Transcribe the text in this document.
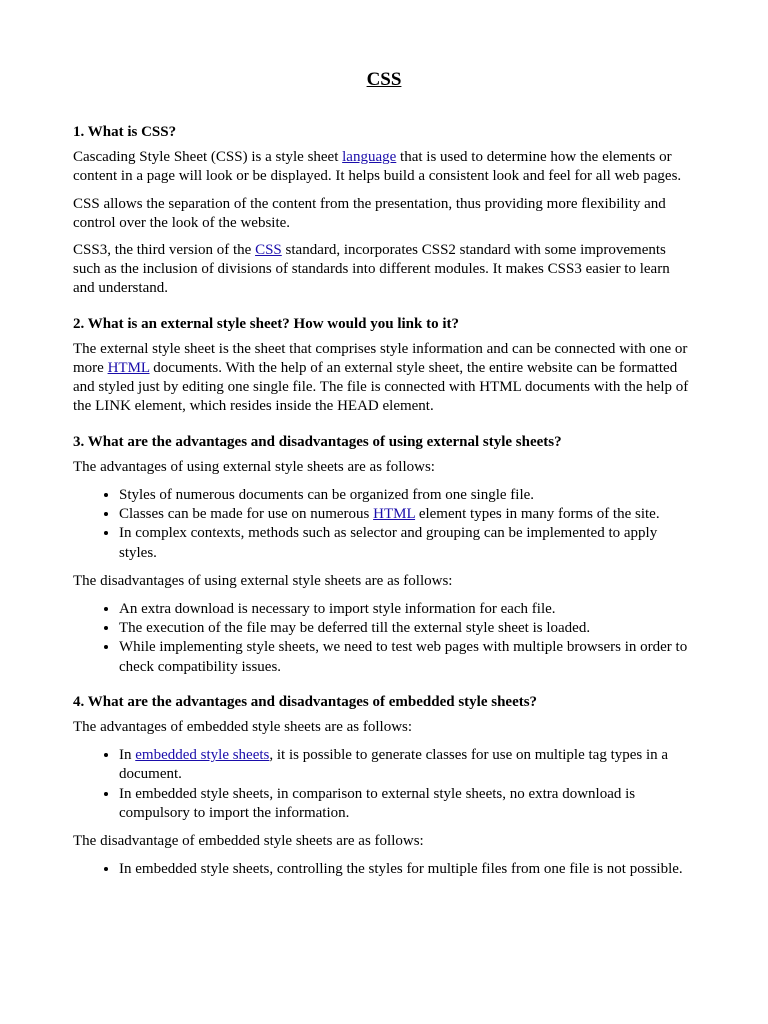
CSS
1. What is CSS?

Cascading Style Sheet (CSS) is a style sheet language that is used to determine how the elements or content in a page will look or be displayed. It helps build a consistent look and feel for all web pages.

CSS allows the separation of the content from the presentation, thus providing more flexibility and control over the look of the website.

CSS3, the third version of the CSS standard, incorporates CSS2 standard with some improvements such as the inclusion of divisions of standards into different modules. It makes CSS3 easier to learn and understand.

2. What is an external style sheet? How would you link to it?

The external style sheet is the sheet that comprises style information and can be connected with one or more HTML documents. With the help of an external style sheet, the entire website can be formatted and styled just by editing one single file. The file is connected with HTML documents with the help of the LINK element, which resides inside the HEAD element.

3. What are the advantages and disadvantages of using external style sheets?

The advantages of using external style sheets are as follows:

• Styles of numerous documents can be organized from one single file.
• Classes can be made for use on numerous HTML element types in many forms of the site.
• In complex contexts, methods such as selector and grouping can be implemented to apply styles.

The disadvantages of using external style sheets are as follows:

• An extra download is necessary to import style information for each file.
• The execution of the file may be deferred till the external style sheet is loaded.
• While implementing style sheets, we need to test web pages with multiple browsers in order to check compatibility issues.
4. What are the advantages and disadvantages of embedded style sheets?

The advantages of embedded style sheets are as follows:

• In embedded style sheets, it is possible to generate classes for use on multiple tag types in a document.
• In embedded style sheets, in comparison to external style sheets, no extra download is compulsory to import the information.

The disadvantage of embedded style sheets are as follows:

• In embedded style sheets, controlling the styles for multiple files from one file is not possible.
